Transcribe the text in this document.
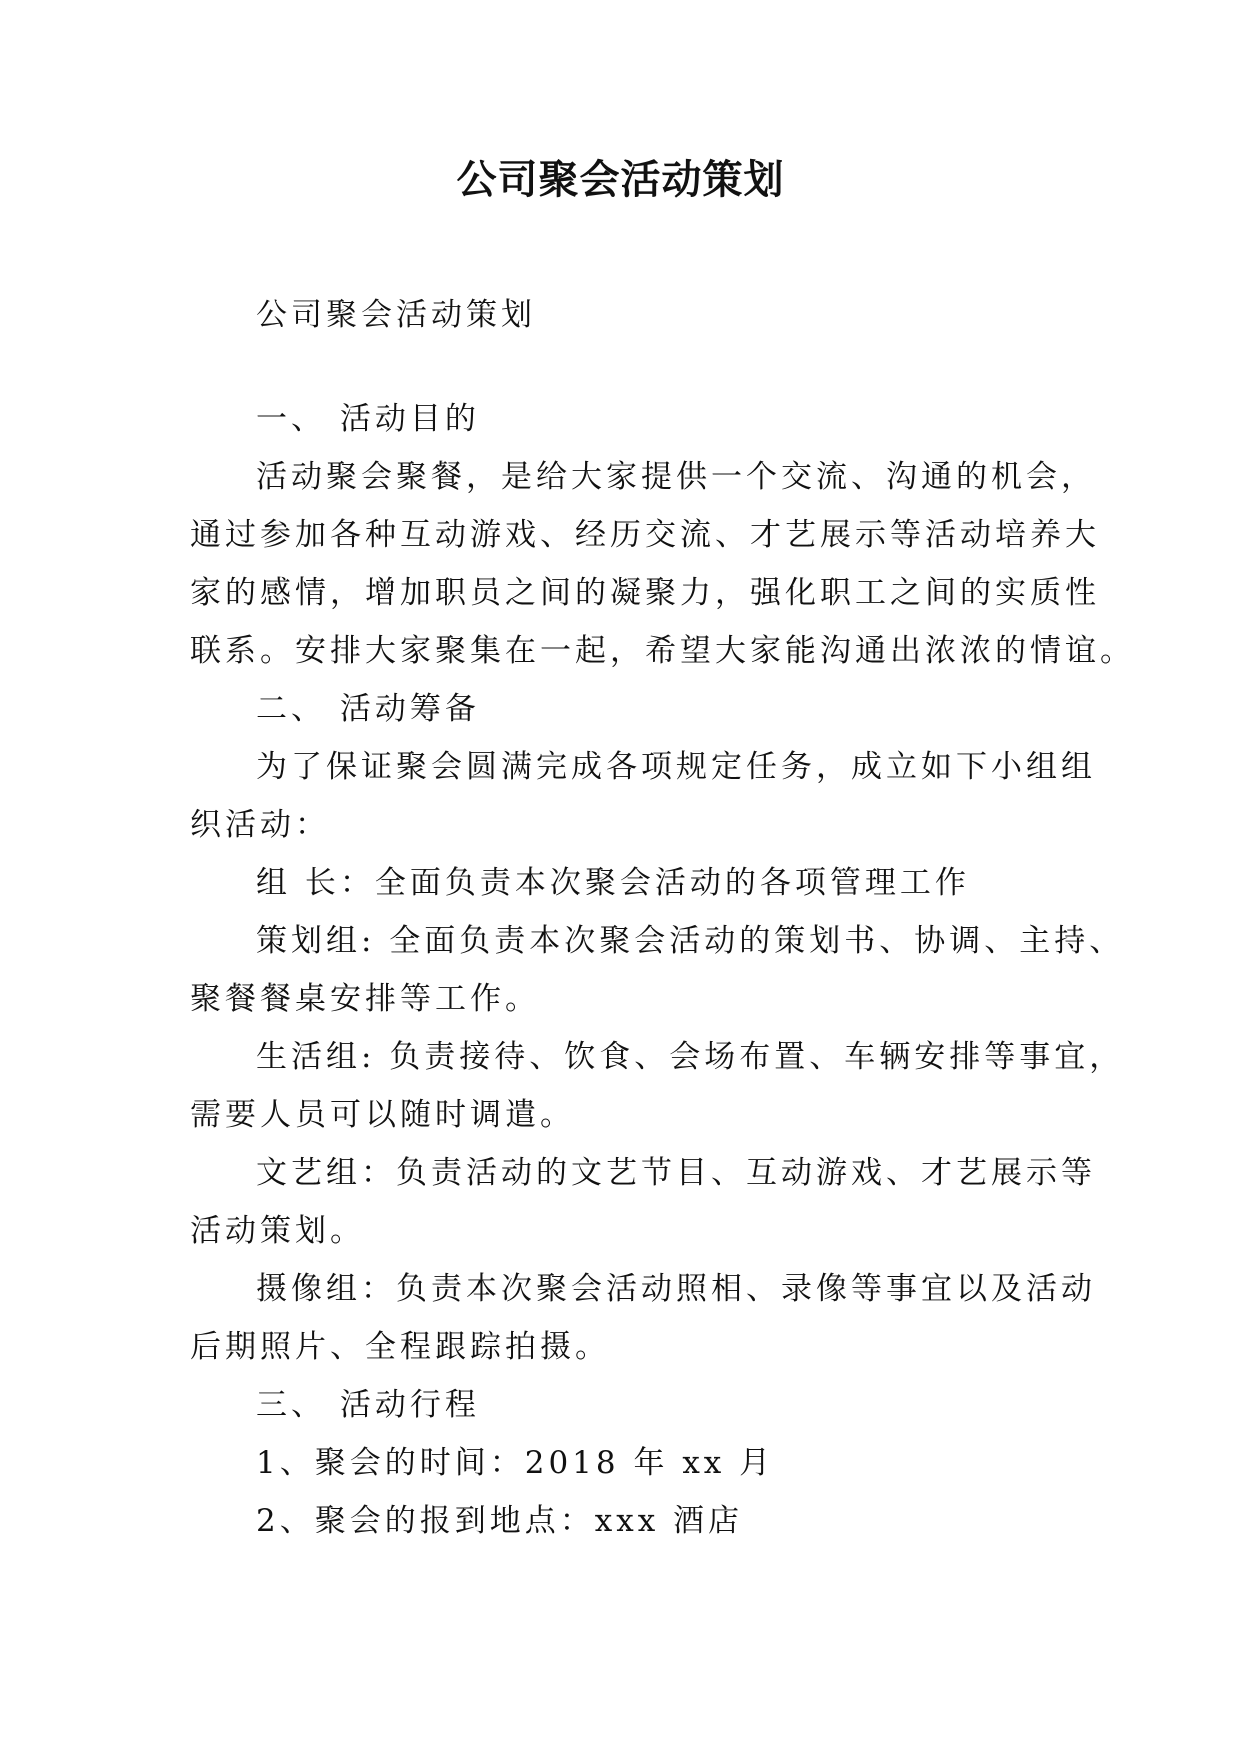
公司聚会活动策划

公司聚会活动策划

一、 活动目的

活动聚会聚餐，是给大家提供一个交流、沟通的机会，

通过参加各种互动游戏、经历交流、才艺展示等活动培养大

家的感情，增加职员之间的凝聚力，强化职工之间的实质性

联系。安排大家聚集在一起，希望大家能沟通出浓浓的情谊。

二、 活动筹备

为了保证聚会圆满完成各项规定任务，成立如下小组组

织活动：

组 长：全面负责本次聚会活动的各项管理工作

策划组: 全面负责本次聚会活动的策划书、协调、主持、

聚餐餐桌安排等工作。

生活组: 负责接待、饮食、会场布置、车辆安排等事宜，

需要人员可以随时调遣。

文艺组：负责活动的文艺节目、互动游戏、才艺展示等

活动策划。

摄像组：负责本次聚会活动照相、录像等事宜以及活动

后期照片、全程跟踪拍摄。

三、 活动行程

1、聚会的时间：2018 年 xx 月

2、聚会的报到地点：xxx 酒店
